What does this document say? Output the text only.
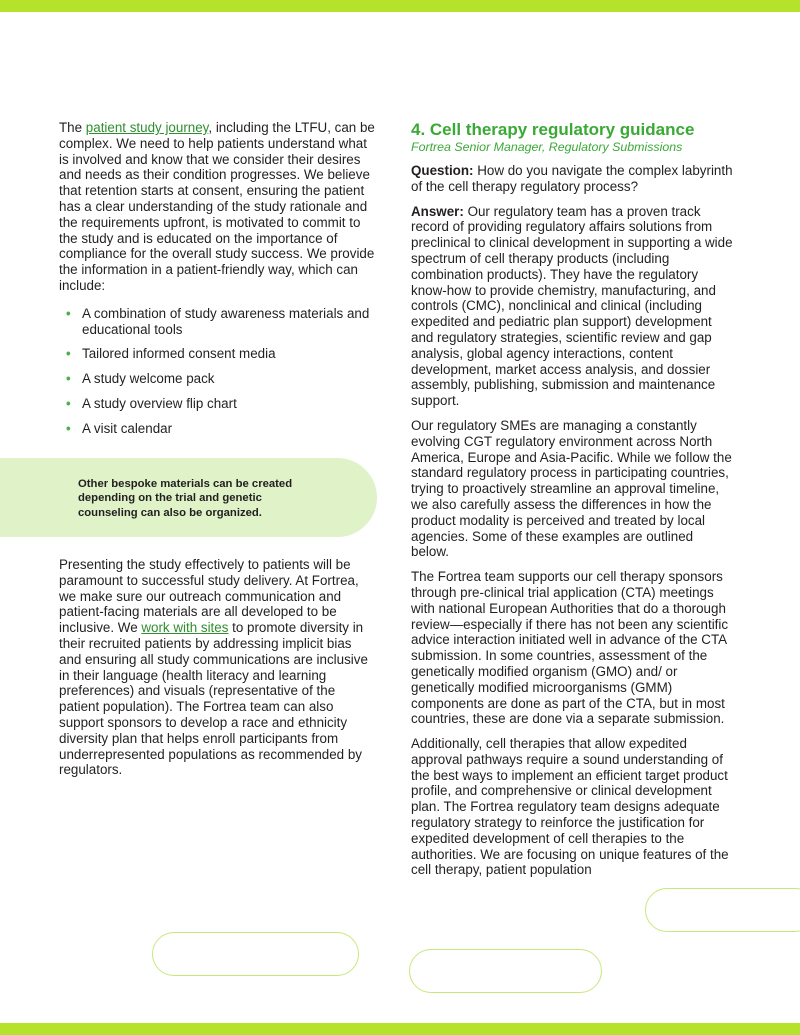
The patient study journey, including the LTFU, can be complex. We need to help patients understand what is involved and know that we consider their desires and needs as their condition progresses. We believe that retention starts at consent, ensuring the patient has a clear understanding of the study rationale and the requirements upfront, is motivated to commit to the study and is educated on the importance of compliance for the overall study success. We provide the information in a patient-friendly way, which can include:

• A combination of study awareness materials and educational tools
• Tailored informed consent media
• A study welcome pack
• A study overview flip chart
• A visit calendar
Other bespoke materials can be created depending on the trial and genetic counseling can also be organized.

Presenting the study effectively to patients will be paramount to successful study delivery. At Fortrea, we make sure our outreach communication and patient-facing materials are all developed to be inclusive. We work with sites to promote diversity in their recruited patients by addressing implicit bias and ensuring all study communications are inclusive in their language (health literacy and learning preferences) and visuals (representative of the patient population). The Fortrea team can also support sponsors to develop a race and ethnicity diversity plan that helps enroll participants from underrepresented populations as recommended by regulators.

4. Cell therapy regulatory guidance
Fortrea Senior Manager, Regulatory Submissions

Question: How do you navigate the complex labyrinth of the cell therapy regulatory process?

Answer: Our regulatory team has a proven track record of providing regulatory affairs solutions from preclinical to clinical development in supporting a wide spectrum of cell therapy products (including combination products). They have the regulatory know-how to provide chemistry, manufacturing, and controls (CMC), nonclinical and clinical (including expedited and pediatric plan support) development and regulatory strategies, scientific review and gap analysis, global agency interactions, content development, market access analysis, and dossier assembly, publishing, submission and maintenance support.

Our regulatory SMEs are managing a constantly evolving CGT regulatory environment across North America, Europe and Asia-Pacific. While we follow the standard regulatory process in participating countries, trying to proactively streamline an approval timeline, we also carefully assess the differences in how the product modality is perceived and treated by local agencies. Some of these examples are outlined below.

The Fortrea team supports our cell therapy sponsors through pre-clinical trial application (CTA) meetings with national European Authorities that do a thorough review—especially if there has not been any scientific advice interaction initiated well in advance of the CTA submission. In some countries, assessment of the genetically modified organism (GMO) and/ or genetically modified microorganisms (GMM) components are done as part of the CTA, but in most countries, these are done via a separate submission.

Additionally, cell therapies that allow expedited approval pathways require a sound understanding of the best ways to implement an efficient target product profile, and comprehensive or clinical development plan. The Fortrea regulatory team designs adequate regulatory strategy to reinforce the justification for expedited development of cell therapies to the authorities. We are focusing on unique features of the cell therapy, patient population
